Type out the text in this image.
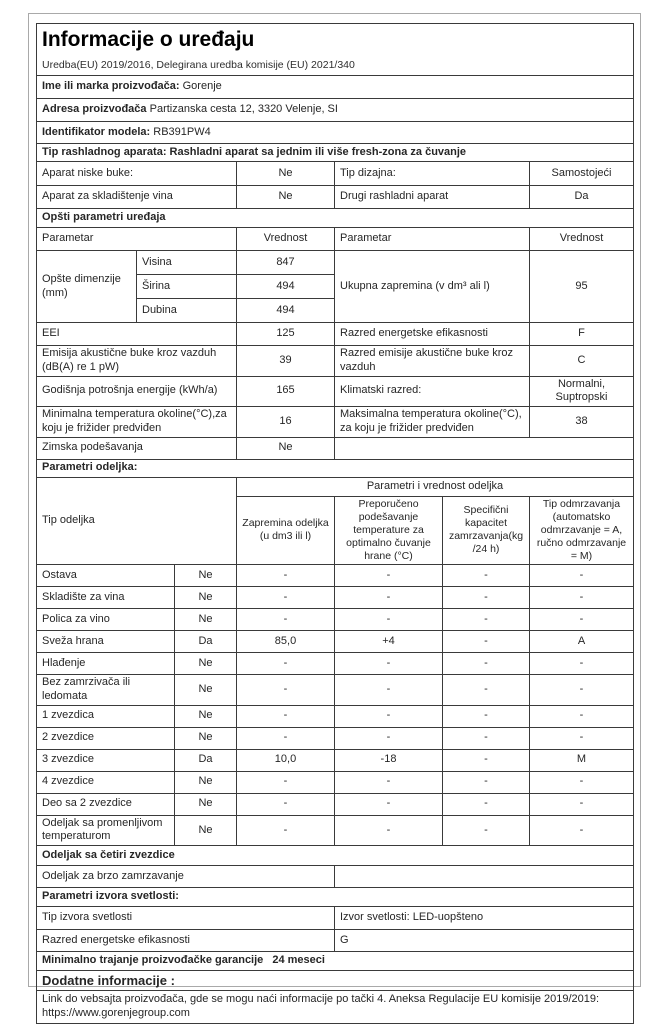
Informacije o uređaju
Uredba(EU) 2019/2016, Delegirana uredba komisije (EU) 2021/340						

Ime ili marka proizvođača: Gorenje						
Adresa proizvođača Partizanska cesta 12, 3320 Velenje, SI						
Identifikator modela: RB391PW4						
Tip rashladnog aparata: Rashladni aparat sa jednim ili više fresh-zona za čuvanje						
Aparat niske buke:			Ne	Tip dizajna:		Samostojeći
Aparat za skladištenje vina			Ne	Drugi rashladni aparat		Da
Opšti parametri uređaja						
Parametar			Vrednost	Parametar		Vrednost
Opšte dimenzije (mm)	Visina		847	Ukupna zapremina (v dm³ ali l)		95
	Širina		494			
	Dubina		494			
EEI			125	Razred energetske efikasnosti		F
Emisija akustične buke kroz vazduh (dB(A) re 1 pW)			39	Razred emisije akustične buke kroz vazduh		C
Godišnja potrošnja energije (kWh/a)			165	Klimatski razred:		Normalni, Suptropski
Minimalna temperatura okoline(°C),za koju je frižider predviđen			16	Maksimalna temperatura okoline(°C), za koju je frižider predviđen		38
Zimska podešavanja			Ne			
Parametri odeljka:						
Tip odeljka			Parametri i vrednost odeljka			
			Zapremina odeljka (u dm3 ili l)	Preporučeno podešavanje temperature za optimalno čuvanje hrane (°C)	Specifični kapacitet zamrzavanja(kg/24 h)	Tip odmrzavanja (automatsko odmrzavanje = A, ručno odmrzavanje = M)
Ostava		Ne	-	-	-	-
Skladište za vina		Ne	-	-	-	-
Polica za vino		Ne	-	-	-	-
Sveža hrana		Da	85,0	+4	-	A
Hlađenje		Ne	-	-	-	-
Bez zamrzivača ili ledomata		Ne	-	-	-	-
1 zvezdica		Ne	-	-	-	-
2 zvezdice		Ne	-	-	-	-
3 zvezdice		Da	10,0	-18	-	M
4 zvezdice		Ne	-	-	-	-
Deo sa 2 zvezdice		Ne	-	-	-	-
Odeljak sa promenljivom temperaturom		Ne	-	-	-	-
Odeljak sa četiri zvezdice						
Odeljak za brzo zamrzavanje						
Parametri izvora svetlosti:						
Tip izvora svetlosti				Izvor svetlosti: LED-uopšteno		
Razred energetske efikasnosti				G		
Minimalno trajanje proizvođačke garancije 24 meseci						
Dodatne informacije :						

Link do vebsajta proizvođača, gde se mogu naći informacije po tački 4. Aneksa Regulacije EU komisije 2019/2019:
https://www.gorenjegroup.com						
